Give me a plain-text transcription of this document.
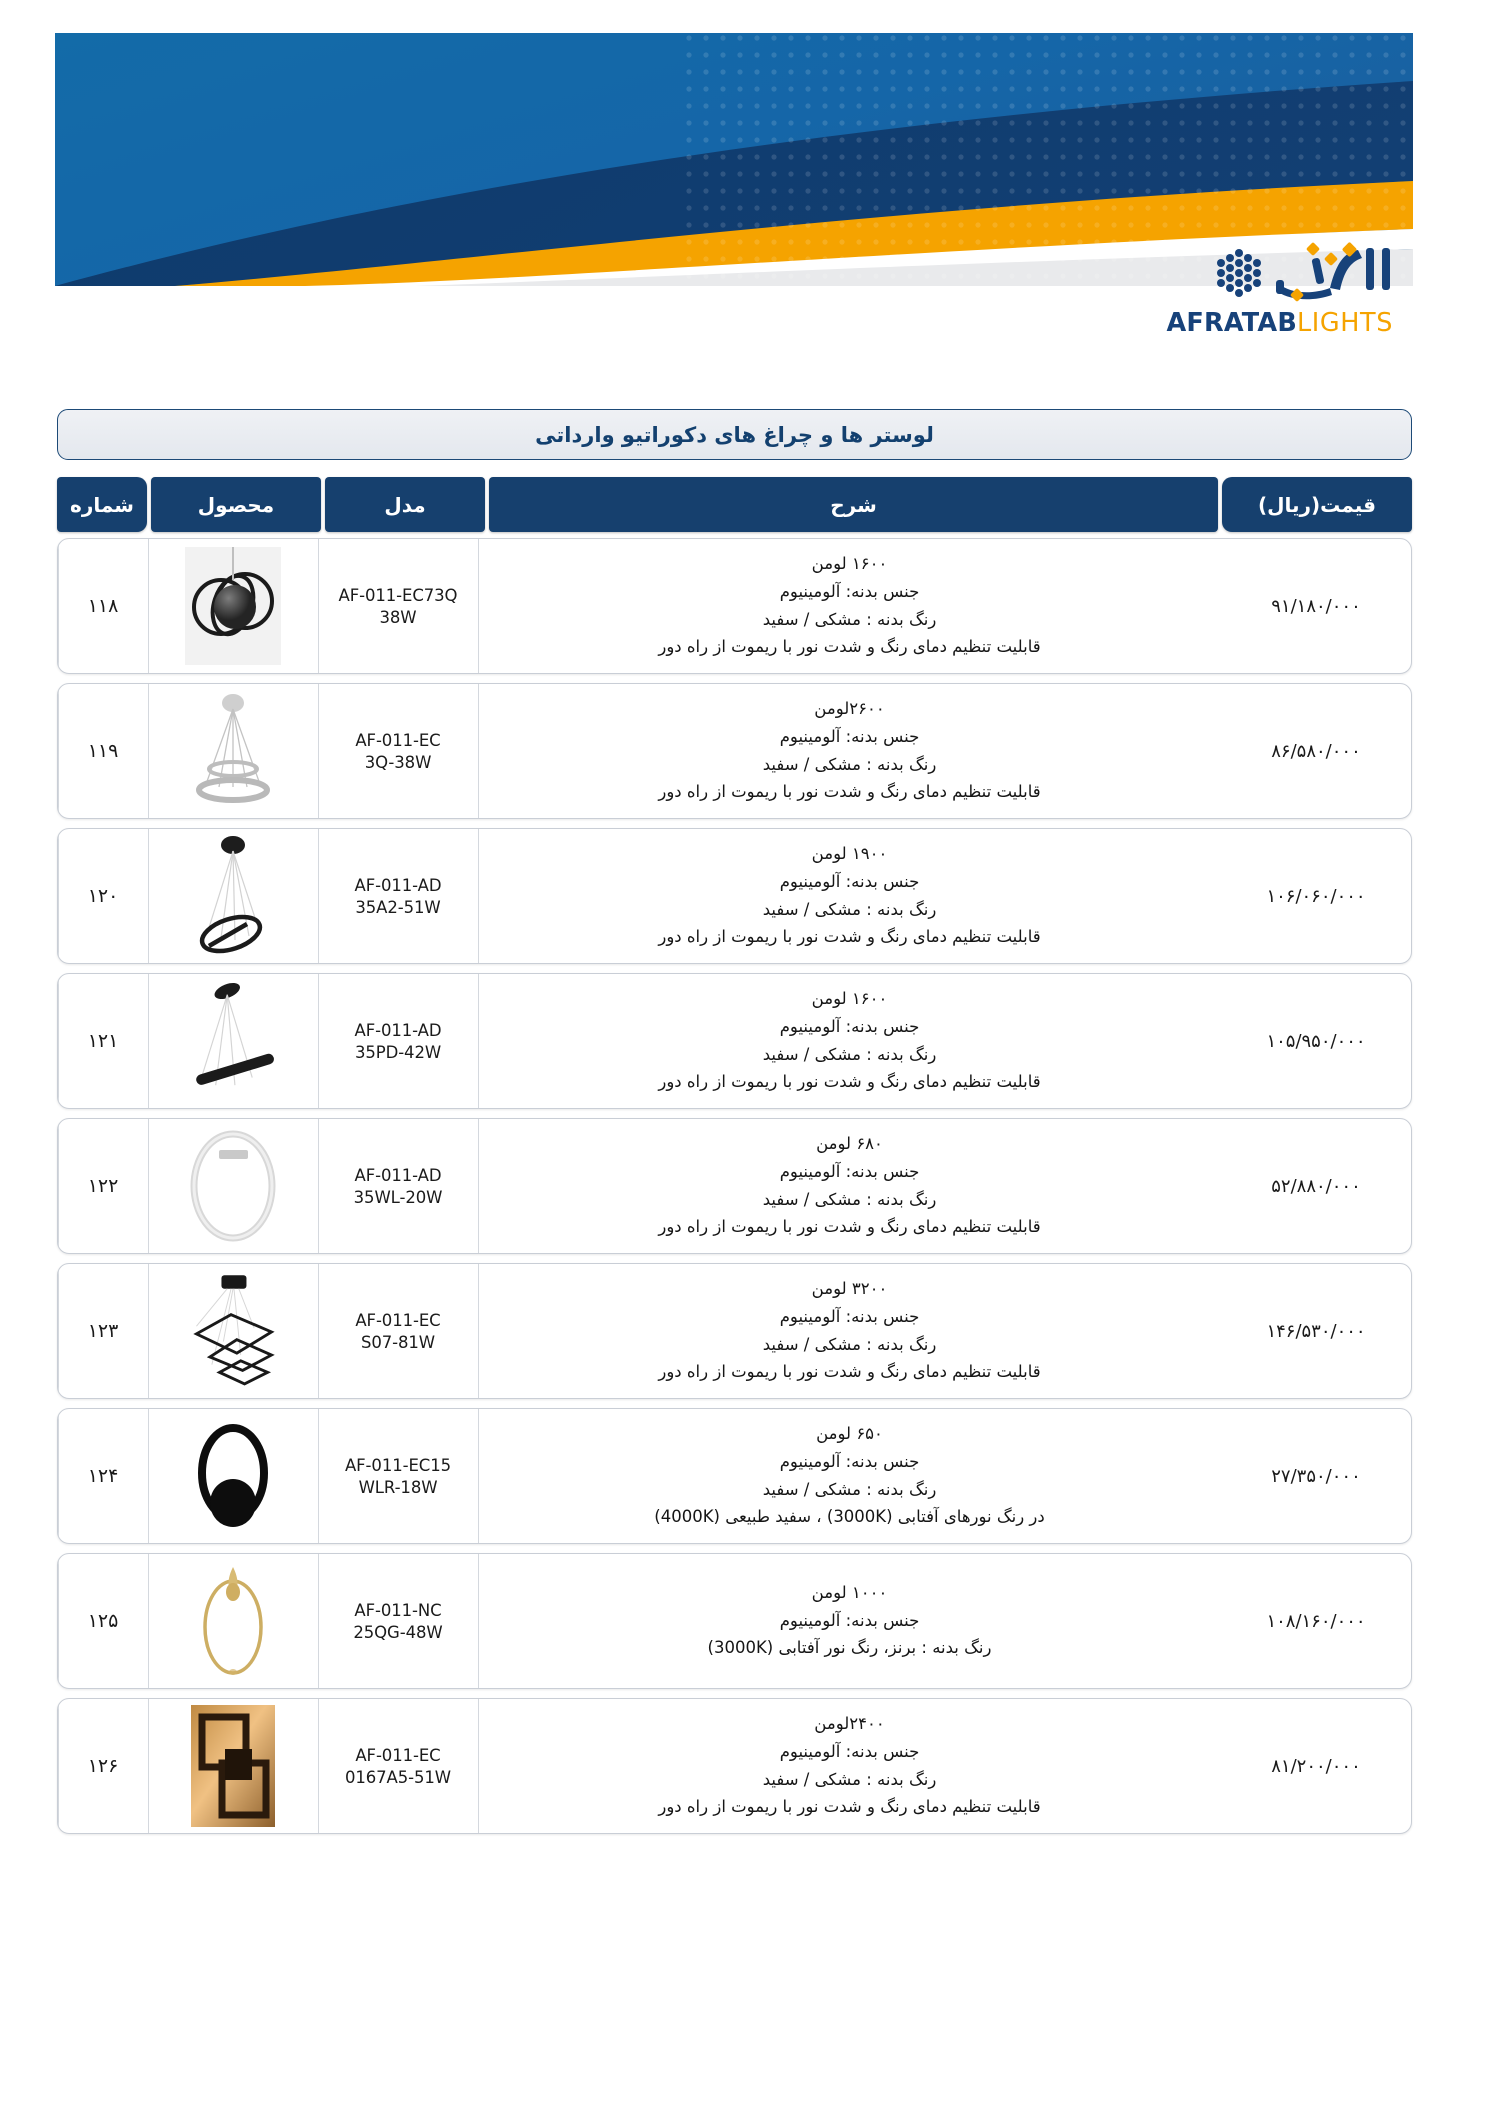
AFRATAB LIGHTS
لوستر ها و چراغ های دکوراتیو وارداتی
قیمت(ریال)
شرح
مدل
محصول
شماره
۹۱/۱۸۰/۰۰۰
۱۶۰۰ لومن
جنس بدنه: آلومینیوم
رنگ بدنه : مشکی / سفید
قابلیت تنظیم دمای رنگ و شدت نور با ریموت از راه دور
AF-011-EC73Q
38W
۱۱۸
۸۶/۵۸۰/۰۰۰
۲۶۰۰لومن
جنس بدنه: آلومینیوم
رنگ بدنه : مشکی / سفید
قابلیت تنظیم دمای رنگ و شدت نور با ریموت از راه دور
AF-011-EC
3Q-38W
۱۱۹
۱۰۶/۰۶۰/۰۰۰
۱۹۰۰ لومن
جنس بدنه: آلومینیوم
رنگ بدنه : مشکی / سفید
قابلیت تنظیم دمای رنگ و شدت نور با ریموت از راه دور
AF-011-AD
35A2-51W
۱۲۰
۱۰۵/۹۵۰/۰۰۰
۱۶۰۰ لومن
جنس بدنه: آلومینیوم
رنگ بدنه : مشکی / سفید
قابلیت تنظیم دمای رنگ و شدت نور با ریموت از راه دور
AF-011-AD
35PD-42W
۱۲۱
۵۲/۸۸۰/۰۰۰
۶۸۰ لومن
جنس بدنه: آلومینیوم
رنگ بدنه : مشکی / سفید
قابلیت تنظیم دمای رنگ و شدت نور با ریموت از راه دور
AF-011-AD
35WL-20W
۱۲۲
۱۴۶/۵۳۰/۰۰۰
۳۲۰۰ لومن
جنس بدنه: آلومینیوم
رنگ بدنه : مشکی / سفید
قابلیت تنظیم دمای رنگ و شدت نور با ریموت از راه دور
AF-011-EC
S07-81W
۱۲۳
۲۷/۳۵۰/۰۰۰
۶۵۰ لومن
جنس بدنه: آلومینیوم
رنگ بدنه : مشکی / سفید
در رنگ نورهای آفتابی (3000K) ، سفید طبیعی (4000K)
AF-011-EC15
WLR-18W
۱۲۴
۱۰۸/۱۶۰/۰۰۰
۱۰۰۰ لومن
جنس بدنه: آلومینیوم
رنگ بدنه : برنز، رنگ نور آفتابی (3000K)
AF-011-NC
25QG-48W
۱۲۵
۸۱/۲۰۰/۰۰۰
۲۴۰۰لومن
جنس بدنه: آلومینیوم
رنگ بدنه : مشکی / سفید
قابلیت تنظیم دمای رنگ و شدت نور با ریموت از راه دور
AF-011-EC
0167A5-51W
۱۲۶
